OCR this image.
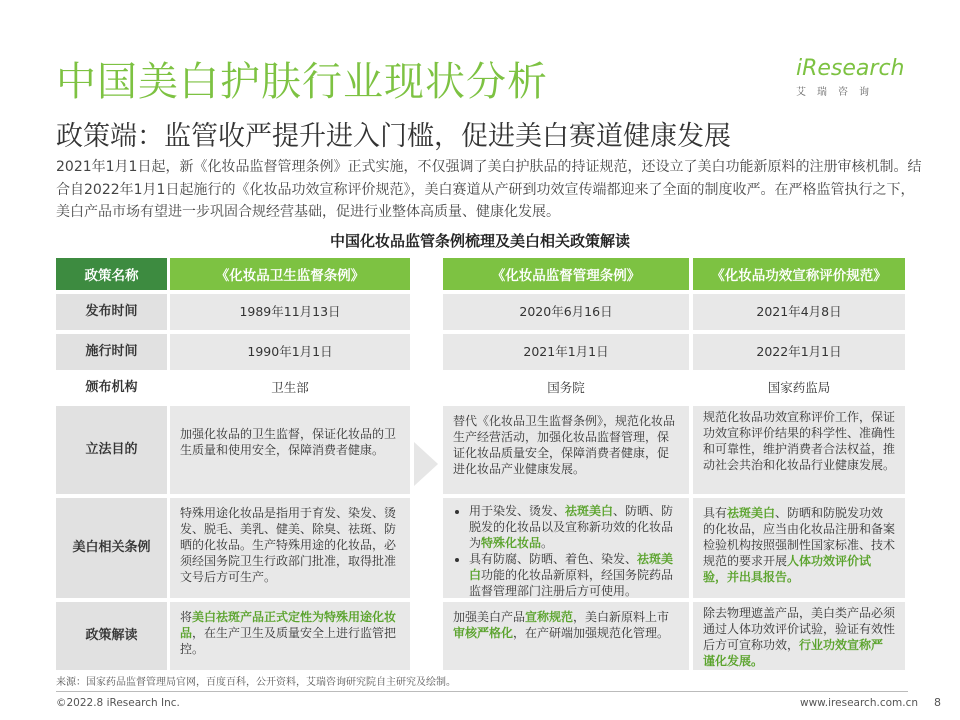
中国美白护肤行业现状分析
政策端：监管收严提升进入门槛，促进美白赛道健康发展
2021年1月1日起，新《化妆品监督管理条例》正式实施，不仅强调了美白护肤品的持证规范，还设立了美白功能新原料的注册审核机制。结合自2022年1月1日起施行的《化妆品功效宣称评价规范》，美白赛道从产研到功效宣传端都迎来了全面的制度收严。在严格监管执行之下，美白产品市场有望进一步巩固合规经营基础，促进行业整体高质量、健康化发展。
iResearch
艾瑞咨询
中国化妆品监管条例梳理及美白相关政策解读
政策名称
发布时间
施行时间
颁布机构
立法目的
美白相关条例
政策解读
《化妆品卫生监督条例》
1989年11月13日
1990年1月1日
卫生部
加强化妆品的卫生监督，保证化妆品的卫生质量和使用安全，保障消费者健康。
特殊用途化妆品是指用于育发、染发、烫发、脱毛、美乳、健美、除臭、祛斑、防晒的化妆品。生产特殊用途的化妆品，必须经国务院卫生行政部门批准，取得批准文号后方可生产。
将美白祛斑产品正式定性为特殊用途化妆品，在生产卫生及质量安全上进行监管把控。
《化妆品监督管理条例》
2020年6月16日
2021年1月1日
国务院
替代《化妆品卫生监督条例》，规范化妆品生产经营活动，加强化妆品监督管理，保证化妆品质量安全，保障消费者健康，促进化妆品产业健康发展。
• 用于染发、烫发、祛斑美白、防晒、防脱发的化妆品以及宣称新功效的化妆品为特殊化妆品。
• 具有防腐、防晒、着色、染发、祛斑美白功能的化妆品新原料，经国务院药品监督管理部门注册后方可使用。
加强美白产品宣称规范，美白新原料上市审核严格化，在产研端加强规范化管理。
《化妆品功效宣称评价规范》
2021年4月8日
2022年1月1日
国家药监局
规范化妆品功效宣称评价工作，保证功效宣称评价结果的科学性、准确性和可靠性，维护消费者合法权益，推动社会共治和化妆品行业健康发展。
具有祛斑美白、防晒和防脱发功效的化妆品，应当由化妆品注册和备案检验机构按照强制性国家标准、技术规范的要求开展人体功效评价试验，并出具报告。
除去物理遮盖产品，美白类产品必须通过人体功效评价试验，验证有效性后方可宣称功效，行业功效宣称严谨化发展。
来源：国家药品监督管理局官网，百度百科，公开资料，艾瑞咨询研究院自主研究及绘制。
©2022.8 iResearch Inc.	www.iresearch.com.cn 8
